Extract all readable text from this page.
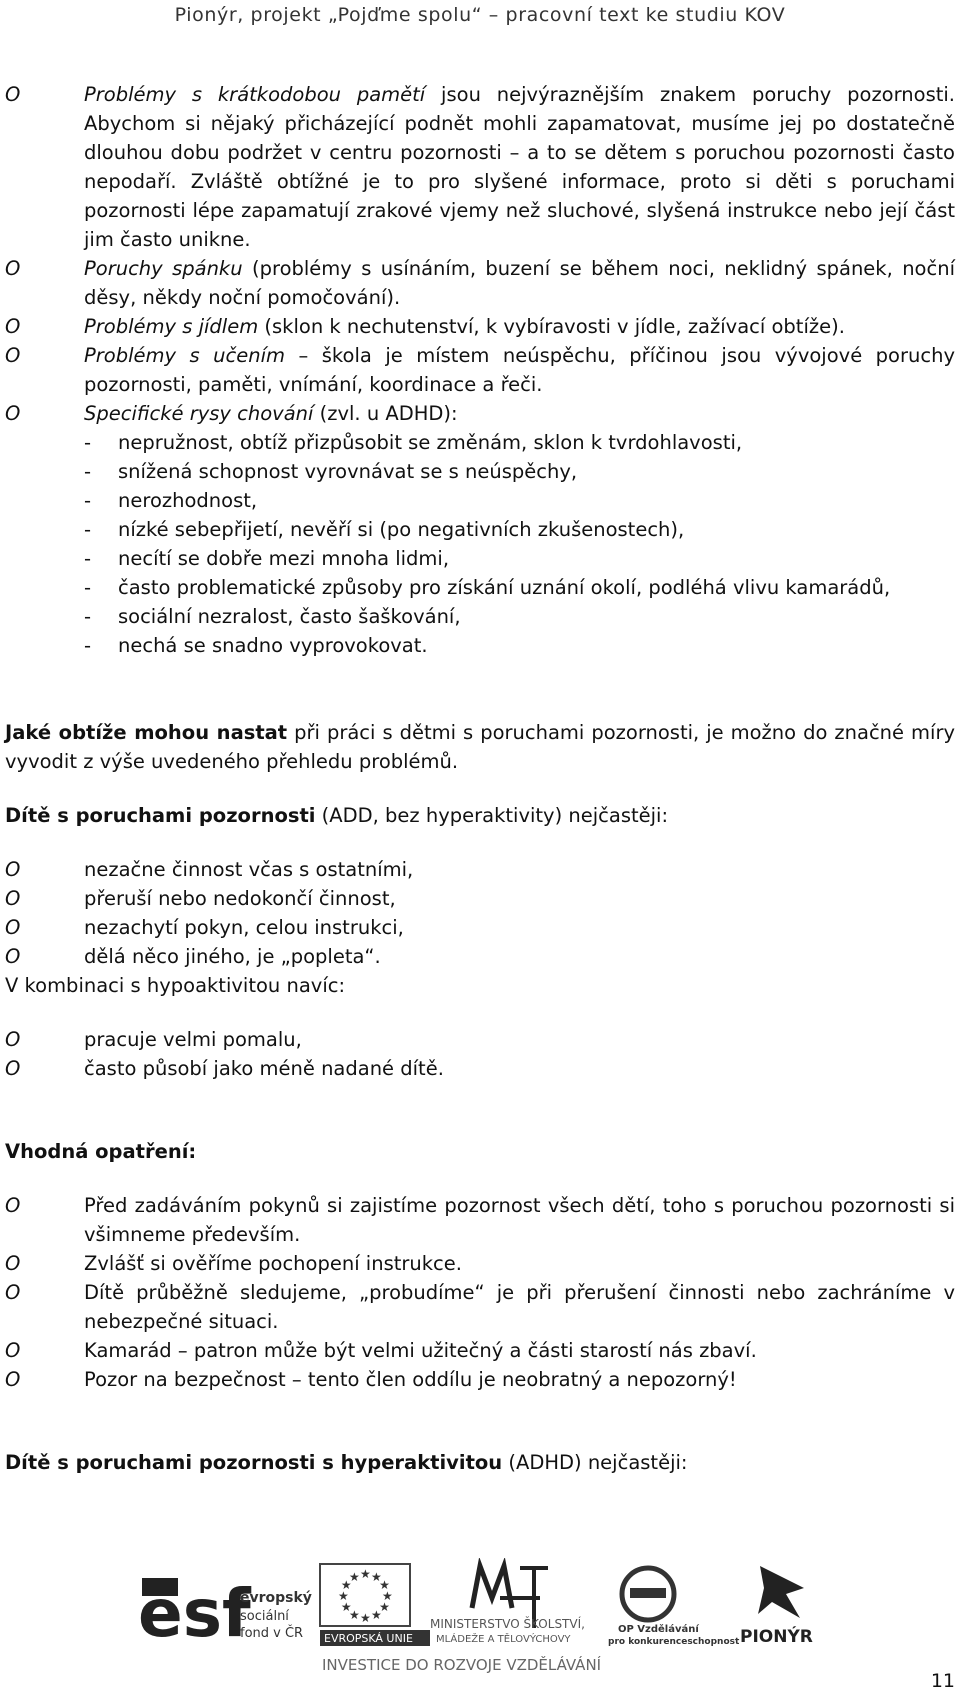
Pionýr, projekt „Pojďme spolu“ – pracovní text ke studiu KOV
O	Problémy s krátkodobou pamětí jsou nejvýraznějším znakem poruchy pozornosti. Abychom si nějaký přicházející podnět mohli zapamatovat, musíme jej po dostatečně dlouhou dobu podržet v centru pozornosti – a to se dětem s poruchou pozornosti často nepodaří. Zvláště obtížné je to pro slyšené informace, proto si děti s poruchami pozornosti lépe zapamatují zrakové vjemy než sluchové, slyšená instrukce nebo její část jim často unikne.
O	Poruchy spánku (problémy s usínáním, buzení se během noci, neklidný spánek, noční děsy, někdy noční pomočování).
O	Problémy s jídlem (sklon k nechutenství, k vybíravosti v jídle, zažívací obtíže).
O	Problémy s učením – škola je místem neúspěchu, příčinou jsou vývojové poruchy pozornosti, paměti, vnímání, koordinace a řeči.
O	Specifické rysy chování (zvl. u ADHD):
- nepružnost, obtíž přizpůsobit se změnám, sklon k tvrdohlavosti,
- snížená schopnost vyrovnávat se s neúspěchy,
- nerozhodnost,
- nízké sebepřijetí, nevěří si (po negativních zkušenostech),
- necítí se dobře mezi mnoha lidmi,
- často problematické způsoby pro získání uznání okolí, podléhá vlivu kamarádů,
- sociální nezralost, často šaškování,
- nechá se snadno vyprovokovat.

Jaké obtíže mohou nastat při práci s dětmi s poruchami pozornosti, je možno do značné míry vyvodit z výše uvedeného přehledu problémů.

Dítě s poruchami pozornosti (ADD, bez hyperaktivity) nejčastěji:

O	nezačne činnost včas s ostatními,
O	přeruší nebo nedokončí činnost,
O	nezachytí pokyn, celou instrukci,
O	dělá něco jiného, je „popleta“.

V kombinaci s hypoaktivitou navíc:

O	pracuje velmi pomalu,
O	často působí jako méně nadané dítě.

Vhodná opatření:

O	Před zadáváním pokynů si zajistíme pozornost všech dětí, toho s poruchou pozornosti si všimneme především.
O	Zvlášť si ověříme pochopení instrukce.
O	Dítě průběžně sledujeme, „probudíme“ je při přerušení činnosti nebo zachráníme v nebezpečné situaci.
O	Kamarád – patron může být velmi užitečný a části starostí nás zbaví.
O	Pozor na bezpečnost – tento člen oddílu je neobratný a nepozorný!

Dítě s poruchami pozornosti s hyperaktivitou (ADHD) nejčastěji:

esf
evropský
sociální
fond v ČR
★ ★
★
★
★
★
★
★
★
★
★
★
EVROPSKÁ UNIE
MINISTERSTVO ŠKOLSTVÍ,
MLÁDEŽE A TĚLOVÝCHOVY
OP Vzdělávání
pro konkurenceschopnost PIONÝR
INVESTICE DO ROZVOJE VZDĚLÁVÁNÍ
11
